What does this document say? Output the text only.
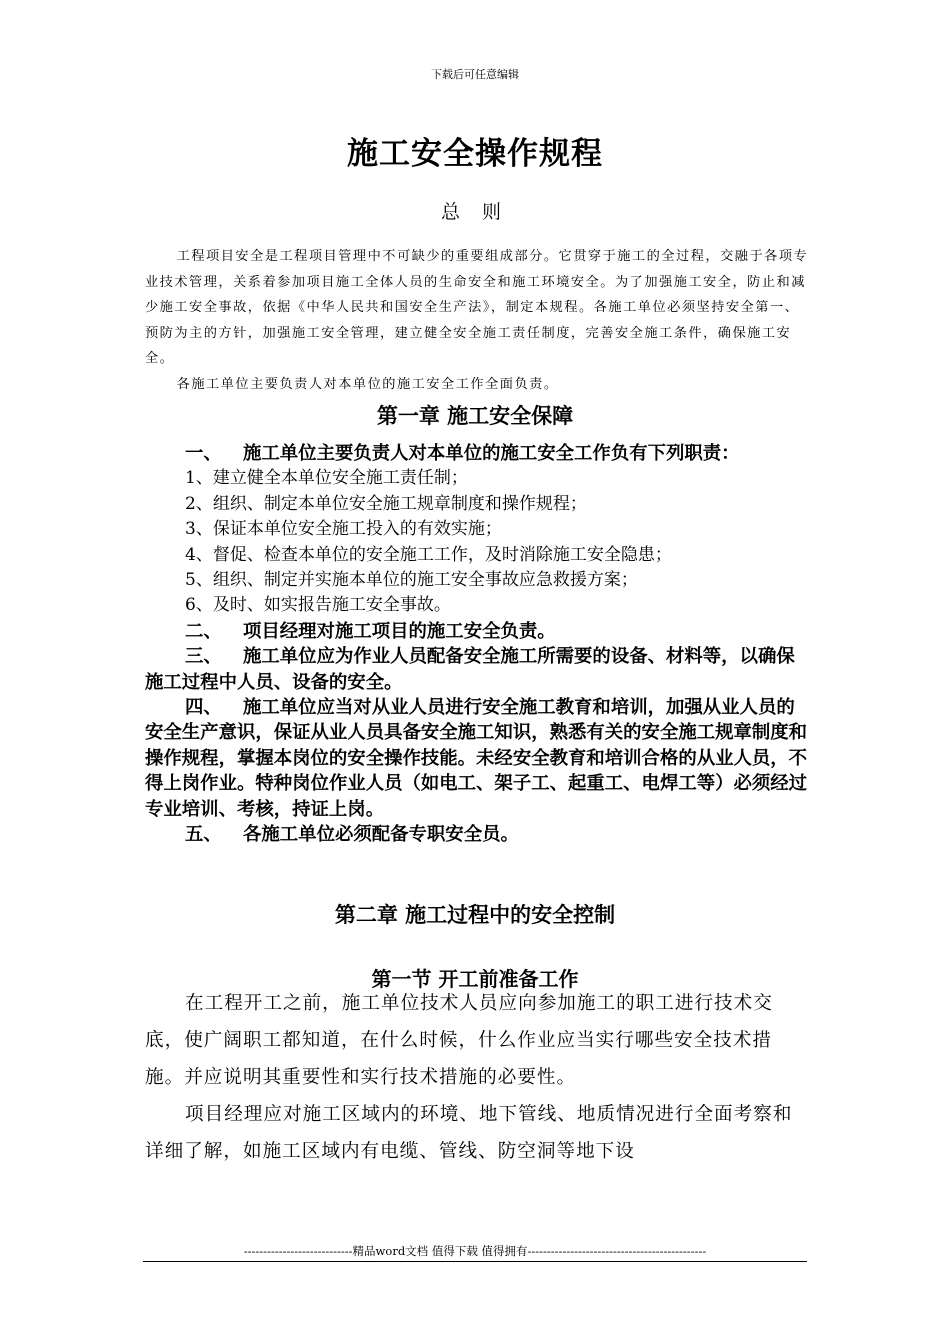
下载后可任意编辑
施工安全操作规程
总 则

工程项目安全是工程项目管理中不可缺少的重要组成部分。它贯穿于施工的全过程，交融于各项专业技术管理，关系着参加项目施工全体人员的生命安全和施工环境安全。为了加强施工安全，防止和减少施工安全事故，依据《中华人民共和国安全生产法》，制定本规程。各施工单位必须坚持安全第一、预防为主的方针，加强施工安全管理，建立健全安全施工责任制度，完善安全施工条件，确保施工安全。

各施工单位主要负责人对本单位的施工安全工作全面负责。

第一章 施工安全保障

一、 施工单位主要负责人对本单位的施工安全工作负有下列职责：

1、建立健全本单位安全施工责任制；

2、组织、制定本单位安全施工规章制度和操作规程；

3、保证本单位安全施工投入的有效实施；

4、督促、检查本单位的安全施工工作，及时消除施工安全隐患；

5、组织、制定并实施本单位的施工安全事故应急救援方案；

6、及时、如实报告施工安全事故。

二、 项目经理对施工项目的施工安全负责。

三、 施工单位应为作业人员配备安全施工所需要的设备、材料等，以确保施工过程中人员、设备的安全。

四、 施工单位应当对从业人员进行安全施工教育和培训，加强从业人员的安全生产意识，保证从业人员具备安全施工知识，熟悉有关的安全施工规章制度和操作规程，掌握本岗位的安全操作技能。未经安全教育和培训合格的从业人员，不得上岗作业。特种岗位作业人员（如电工、架子工、起重工、电焊工等）必须经过专业培训、考核，持证上岗。

五、 各施工单位必须配备专职安全员。

第二章 施工过程中的安全控制
第一节 开工前准备工作

在工程开工之前，施工单位技术人员应向参加施工的职工进行技术交底，使广阔职工都知道，在什么时候，什么作业应当实行哪些安全技术措施。并应说明其重要性和实行技术措施的必要性。

项目经理应对施工区域内的环境、地下管线、地质情况进行全面考察和详细了解，如施工区域内有电缆、管线、防空洞等地下设

----------------------------精品word文档 值得下载 值得拥有----------------------------------------------
